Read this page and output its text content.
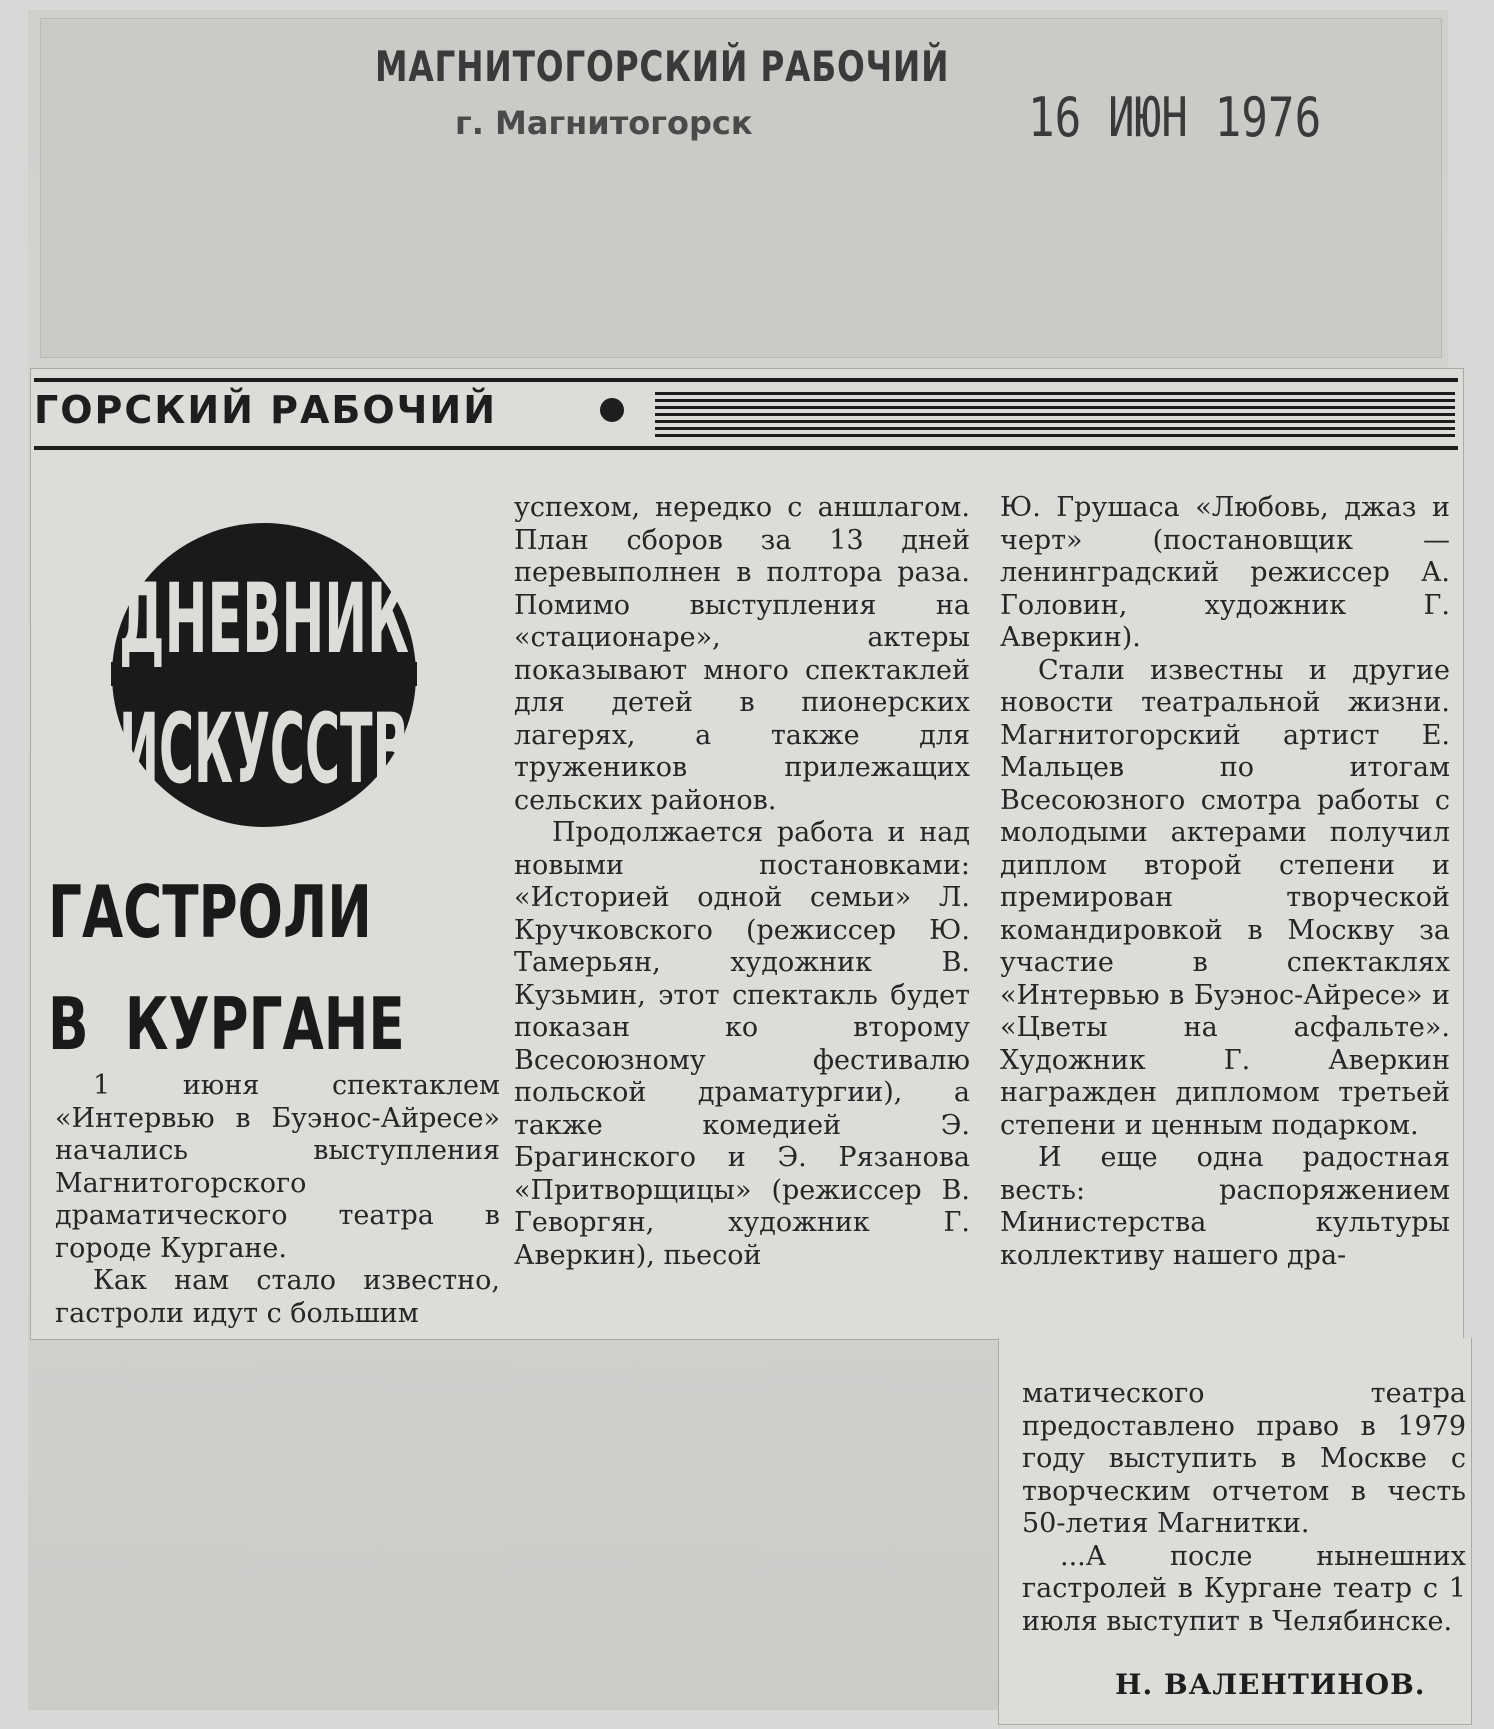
МАГНИТОГОРСКИЙ РАБОЧИЙ
г. Магнитогорск	16 ИЮН 1976
ГОРСКИЙ РАБОЧИЙ
ДНЕВНИК
ИСКУССТВ
ГАСТРОЛИ
В КУРГАНЕ

1 июня спектаклем «Интервью в Буэнос-Айресе» начались выступления Магнитогорского драматического театра в городе Кургане.

Как нам стало известно, гастроли идут с большим

успехом, нередко с аншлагом. План сборов за 13 дней перевыполнен в полтора раза. Помимо выступления на «стационаре», актеры показывают много спектаклей для детей в пионерских лагерях, а также для тружеников прилежащих сельских районов.

Продолжается работа и над новыми постановками: «Историей одной семьи» Л. Кручковского (режиссер Ю. Тамерьян, художник В. Кузьмин, этот спектакль будет показан ко второму Всесоюзному фестивалю польской драматургии), а также комедией Э. Брагинского и Э. Рязанова «Притворщицы» (режиссер В. Геворгян, художник Г. Аверкин), пьесой

Ю. Грушаса «Любовь, джаз и черт» (постановщик — ленинградский режиссер А. Головин, художник Г. Аверкин).

Стали известны и другие новости театральной жизни. Магнитогорский артист Е. Мальцев по итогам Всесоюзного смотра работы с молодыми актерами получил диплом второй степени и премирован творческой командировкой в Москву за участие в спектаклях «Интервью в Буэнос-Айресе» и «Цветы на асфальте». Художник Г. Аверкин награжден дипломом третьей степени и ценным подарком.

И еще одна радостная весть: распоряжением Министерства культуры коллективу нашего дра-

матического театра предоставлено право в 1979 году выступить в Москве с творческим отчетом в честь 50-летия Магнитки.

...А после нынешних гастролей в Кургане театр с 1 июля выступит в Челябинске.

Н. ВАЛЕНТИНОВ.
